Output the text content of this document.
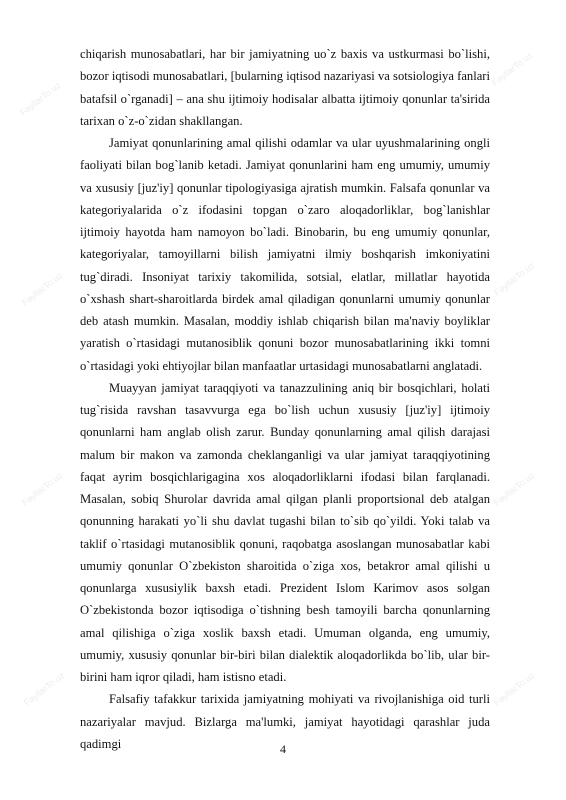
FayllarTo.uz
FayllarTo.uz
FayllarTo.uz	FayllarTo.uz
FayllarTo.uz	FayllarTo.uz
FayllarTo.uz	FayllarTo.uz

chiqarish munosabatlari, har bir jamiyatning uo`z baxis va ustkurmasi bo`lishi, bozor iqtisodi munosabatlari, [bularning iqtisod nazariyasi va sotsiologiya fanlari batafsil o`rganadi] – ana shu ijtimoiy hodisalar albatta ijtimoiy qonunlar ta'sirida tarixan o`z-o`zidan shakllangan.

Jamiyat qonunlarining amal qilishi odamlar va ular uyushmalarining ongli faoliyati bilan bog`lanib ketadi. Jamiyat qonunlarini ham eng umumiy, umumiy va xususiy [juz'iy] qonunlar tipologiyasiga ajratish mumkin. Falsafa qonunlar va kategoriyalarida o`z ifodasini topgan o`zaro aloqadorliklar, bog`lanishlar ijtimoiy hayotda ham namoyon bo`ladi. Binobarin, bu eng umumiy qonunlar, kategoriyalar, tamoyillarni bilish jamiyatni ilmiy boshqarish imkoniyatini tug`diradi. Insoniyat tarixiy takomilida, sotsial, elatlar, millatlar hayotida o`xshash shart-sharoitlarda birdek amal qiladigan qonunlarni umumiy qonunlar deb atash mumkin. Masalan, moddiy ishlab chiqarish bilan ma'naviy boyliklar yaratish o`rtasidagi mutanosiblik qonuni bozor munosabatlarining ikki tomni o`rtasidagi yoki ehtiyojlar bilan manfaatlar urtasidagi munosabatlarni anglatadi.

Muayyan jamiyat taraqqiyoti va tanazzulining aniq bir bosqichlari, holati tug`risida ravshan tasavvurga ega bo`lish uchun xususiy [juz'iy] ijtimoiy qonunlarni ham anglab olish zarur. Bunday qonunlarning amal qilish darajasi malum bir makon va zamonda cheklanganligi va ular jamiyat taraqqiyotining faqat ayrim bosqichlarigagina xos aloqadorliklarni ifodasi bilan farqlanadi. Masalan, sobiq Shurolar davrida amal qilgan planli proportsional deb atalgan qonunning harakati yo`li shu davlat tugashi bilan to`sib qo`yildi. Yoki talab va taklif o`rtasidagi mutanosiblik qonuni, raqobatga asoslangan munosabatlar kabi umumiy qonunlar O`zbekiston sharoitida o`ziga xos, betakror amal qilishi u qonunlarga xususiylik baxsh etadi. Prezident Islom Karimov asos solgan O`zbekistonda bozor iqtisodiga o`tishning besh tamoyili barcha qonunlarning amal qilishiga o`ziga xoslik baxsh etadi. Umuman olganda, eng umumiy, umumiy, xususiy qonunlar bir-biri bilan dialektik aloqadorlikda bo`lib, ular bir-birini ham iqror qiladi, ham istisno etadi.

Falsafiy tafakkur tarixida jamiyatning mohiyati va rivojlanishiga oid turli nazariyalar mavjud. Bizlarga ma'lumki, jamiyat hayotidagi qarashlar juda qadimgi	4
